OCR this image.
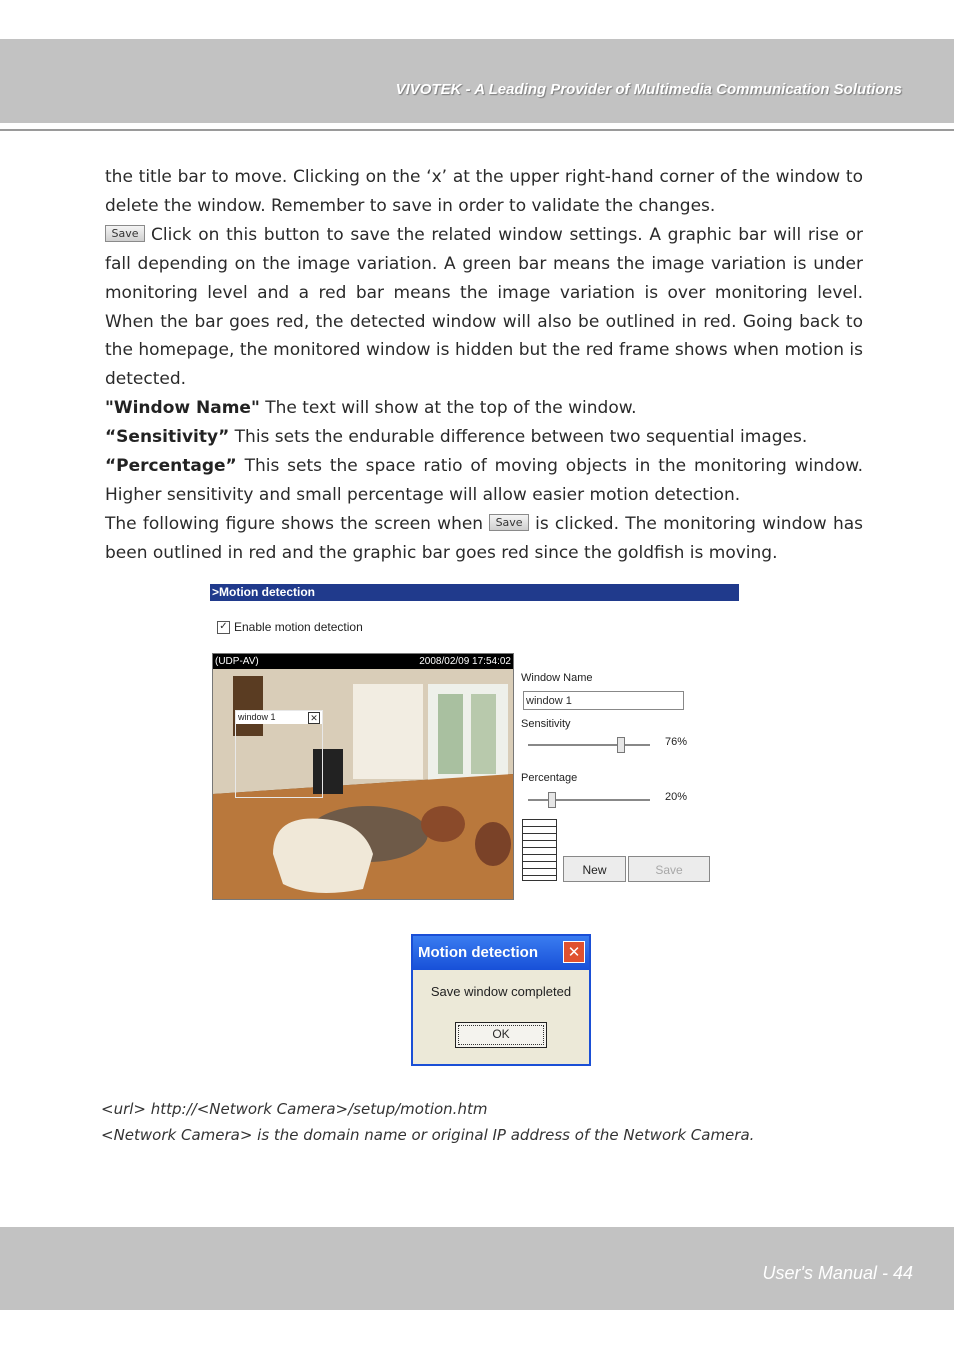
VIVOTEK - A Leading Provider of Multimedia Communication Solutions

the title bar to move. Clicking on the ‘x’ at the upper right-hand corner of the window to delete the window. Remember to save in order to validate the changes.

Save Click on this button to save the related window settings. A graphic bar will rise or fall depending on the image variation. A green bar means the image variation is under monitoring level and a red bar means the image variation is over monitoring level. When the bar goes red, the detected window will also be outlined in red. Going back to the homepage, the monitored window is hidden but the red frame shows when motion is detected.

"Window Name" The text will show at the top of the window.

“Sensitivity” This sets the endurable difference between two sequential images.

“Percentage” This sets the space ratio of moving objects in the monitoring window. Higher sensitivity and small percentage will allow easier motion detection.

The following figure shows the screen when Save is clicked. The monitoring window has been outlined in red and the graphic bar goes red since the goldfish is moving.

>Motion detection
✓ Enable motion detection
(UDP-AV)	2008/02/09 17:54:02
window 1	✕
Window Name
window 1
Sensitivity
76%
Percentage
20%
New	Save
Motion detection	✕
Save window completed
OK
<url> http://<Network Camera>/setup/motion.htm
<Network Camera> is the domain name or original IP address of the Network Camera.
User's Manual - 44
